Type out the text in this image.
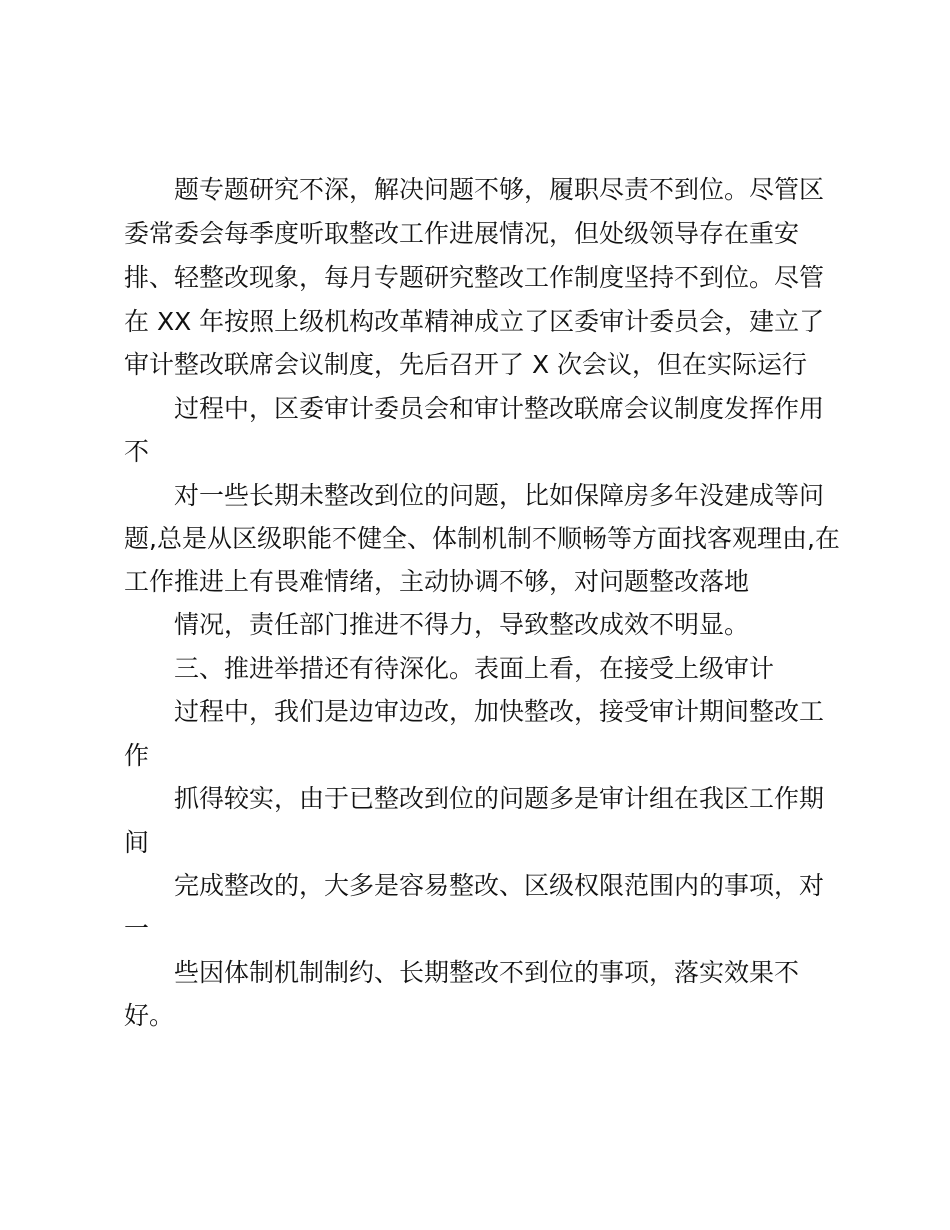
题专题研究不深，解决问题不够，履职尽责不到位。尽管区

委常委会每季度听取整改工作进展情况，但处级领导存在重安

排、轻整改现象，每月专题研究整改工作制度坚持不到位。尽管

在 XX 年按照上级机构改革精神成立了区委审计委员会，建立了

审计整改联席会议制度，先后召开了 X 次会议，但在实际运行

过程中，区委审计委员会和审计整改联席会议制度发挥作用

不

对一些长期未整改到位的问题，比如保障房多年没建成等问

题,总是从区级职能不健全、体制机制不顺畅等方面找客观理由,在

工作推进上有畏难情绪，主动协调不够，对问题整改落地

情况，责任部门推进不得力，导致整改成效不明显。

三、推进举措还有待深化。表面上看，在接受上级审计

过程中，我们是边审边改，加快整改，接受审计期间整改工

作

抓得较实，由于已整改到位的问题多是审计组在我区工作期

间

完成整改的，大多是容易整改、区级权限范围内的事项，对

一

些因体制机制制约、长期整改不到位的事项，落实效果不

好。
